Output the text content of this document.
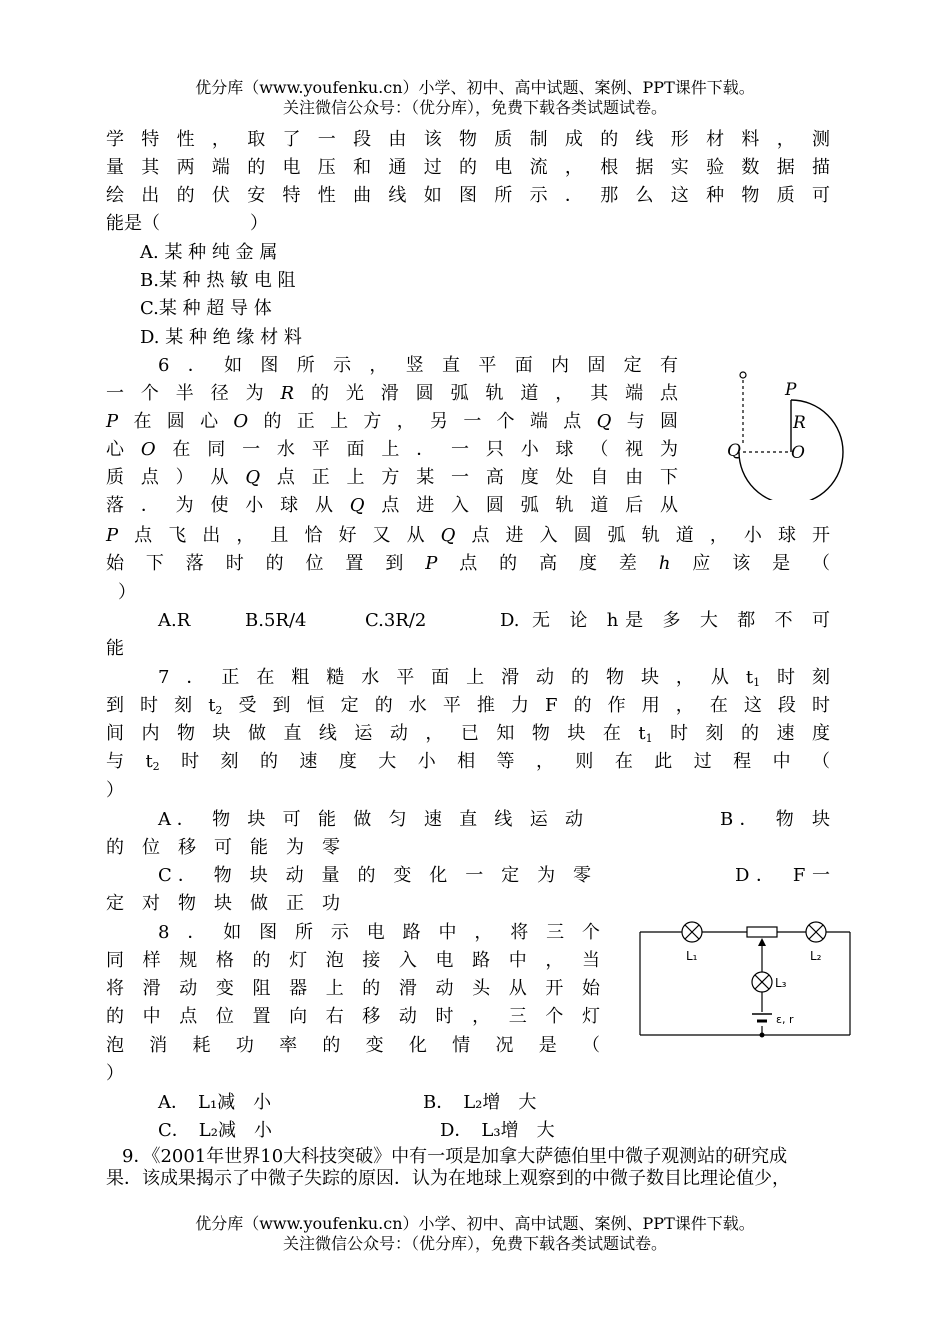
优分库（www.youfenku.cn）小学、初中、高中试题、案例、PPT课件下载。
关注微信公众号：（优分库），免费下载各类试题试卷。
学特性，取了一段由该物质制成的线形材料，测
量其两端的电压和通过的电流，根据实验数据描
绘出的伏安特性曲线如图所示．那么这种物质可
能是（　　　　　）
A. 某 种 纯 金 属
B.某 种 热 敏 电 阻
C.某 种 超 导 体
D. 某 种 绝 缘 材 料
6．如图所示，竖直平面内固定有
一个半径为R的光滑圆弧轨道，其端点
P在圆心O的正上方，另一个端点Q与圆
心O在同一水平面上．一只小球（视为
质点）从Q点正上方某一高度处自由下
落．为使小球从Q点进入圆弧轨道后从
P点飞出，且恰好又从Q点进入圆弧轨道，小球开
始下落时的位置到P点的高度差h应该是（
）
A.R	B.5R/4	C.3R/2	D. 无 论 h是 多 大 都 不 可
能
P
R
Q	O
7．正在粗糙水平面上滑动的物块，从$t_1$时刻
到时刻$t_2$受到恒定的水平推力F的作用，在这段时
间内物块做直线运动，已知物块在$t_1$时刻的速度
与$t_2$时刻的速度大小相等，则在此过程中（
）
A． 物 块 可 能 做 匀 速 直 线 运 动	B． 物 块
的位移可能为零
C． 物 块 动 量 的 变 化 一 定 为 零	D． F一
定对物块做正功
8．如图所示电路中，将三个
同样规格的灯泡接入电路中，当
将滑动变阻器上的滑动头从开始
的中点位置向右移动时，三个灯
泡消耗功率的变化情况是（
）
A．　L₁减　小	B．　L₂增　大
C．　L₂减　小	D．　L₃增　大
L₁	L₂
L₃
ε, r
9．《2001年世界10大科技突破》中有一项是加拿大萨德伯里中微子观测站的研究成
果．该成果揭示了中微子失踪的原因．认为在地球上观察到的中微子数目比理论值少，
优分库（www.youfenku.cn）小学、初中、高中试题、案例、PPT课件下载。
关注微信公众号：（优分库），免费下载各类试题试卷。
